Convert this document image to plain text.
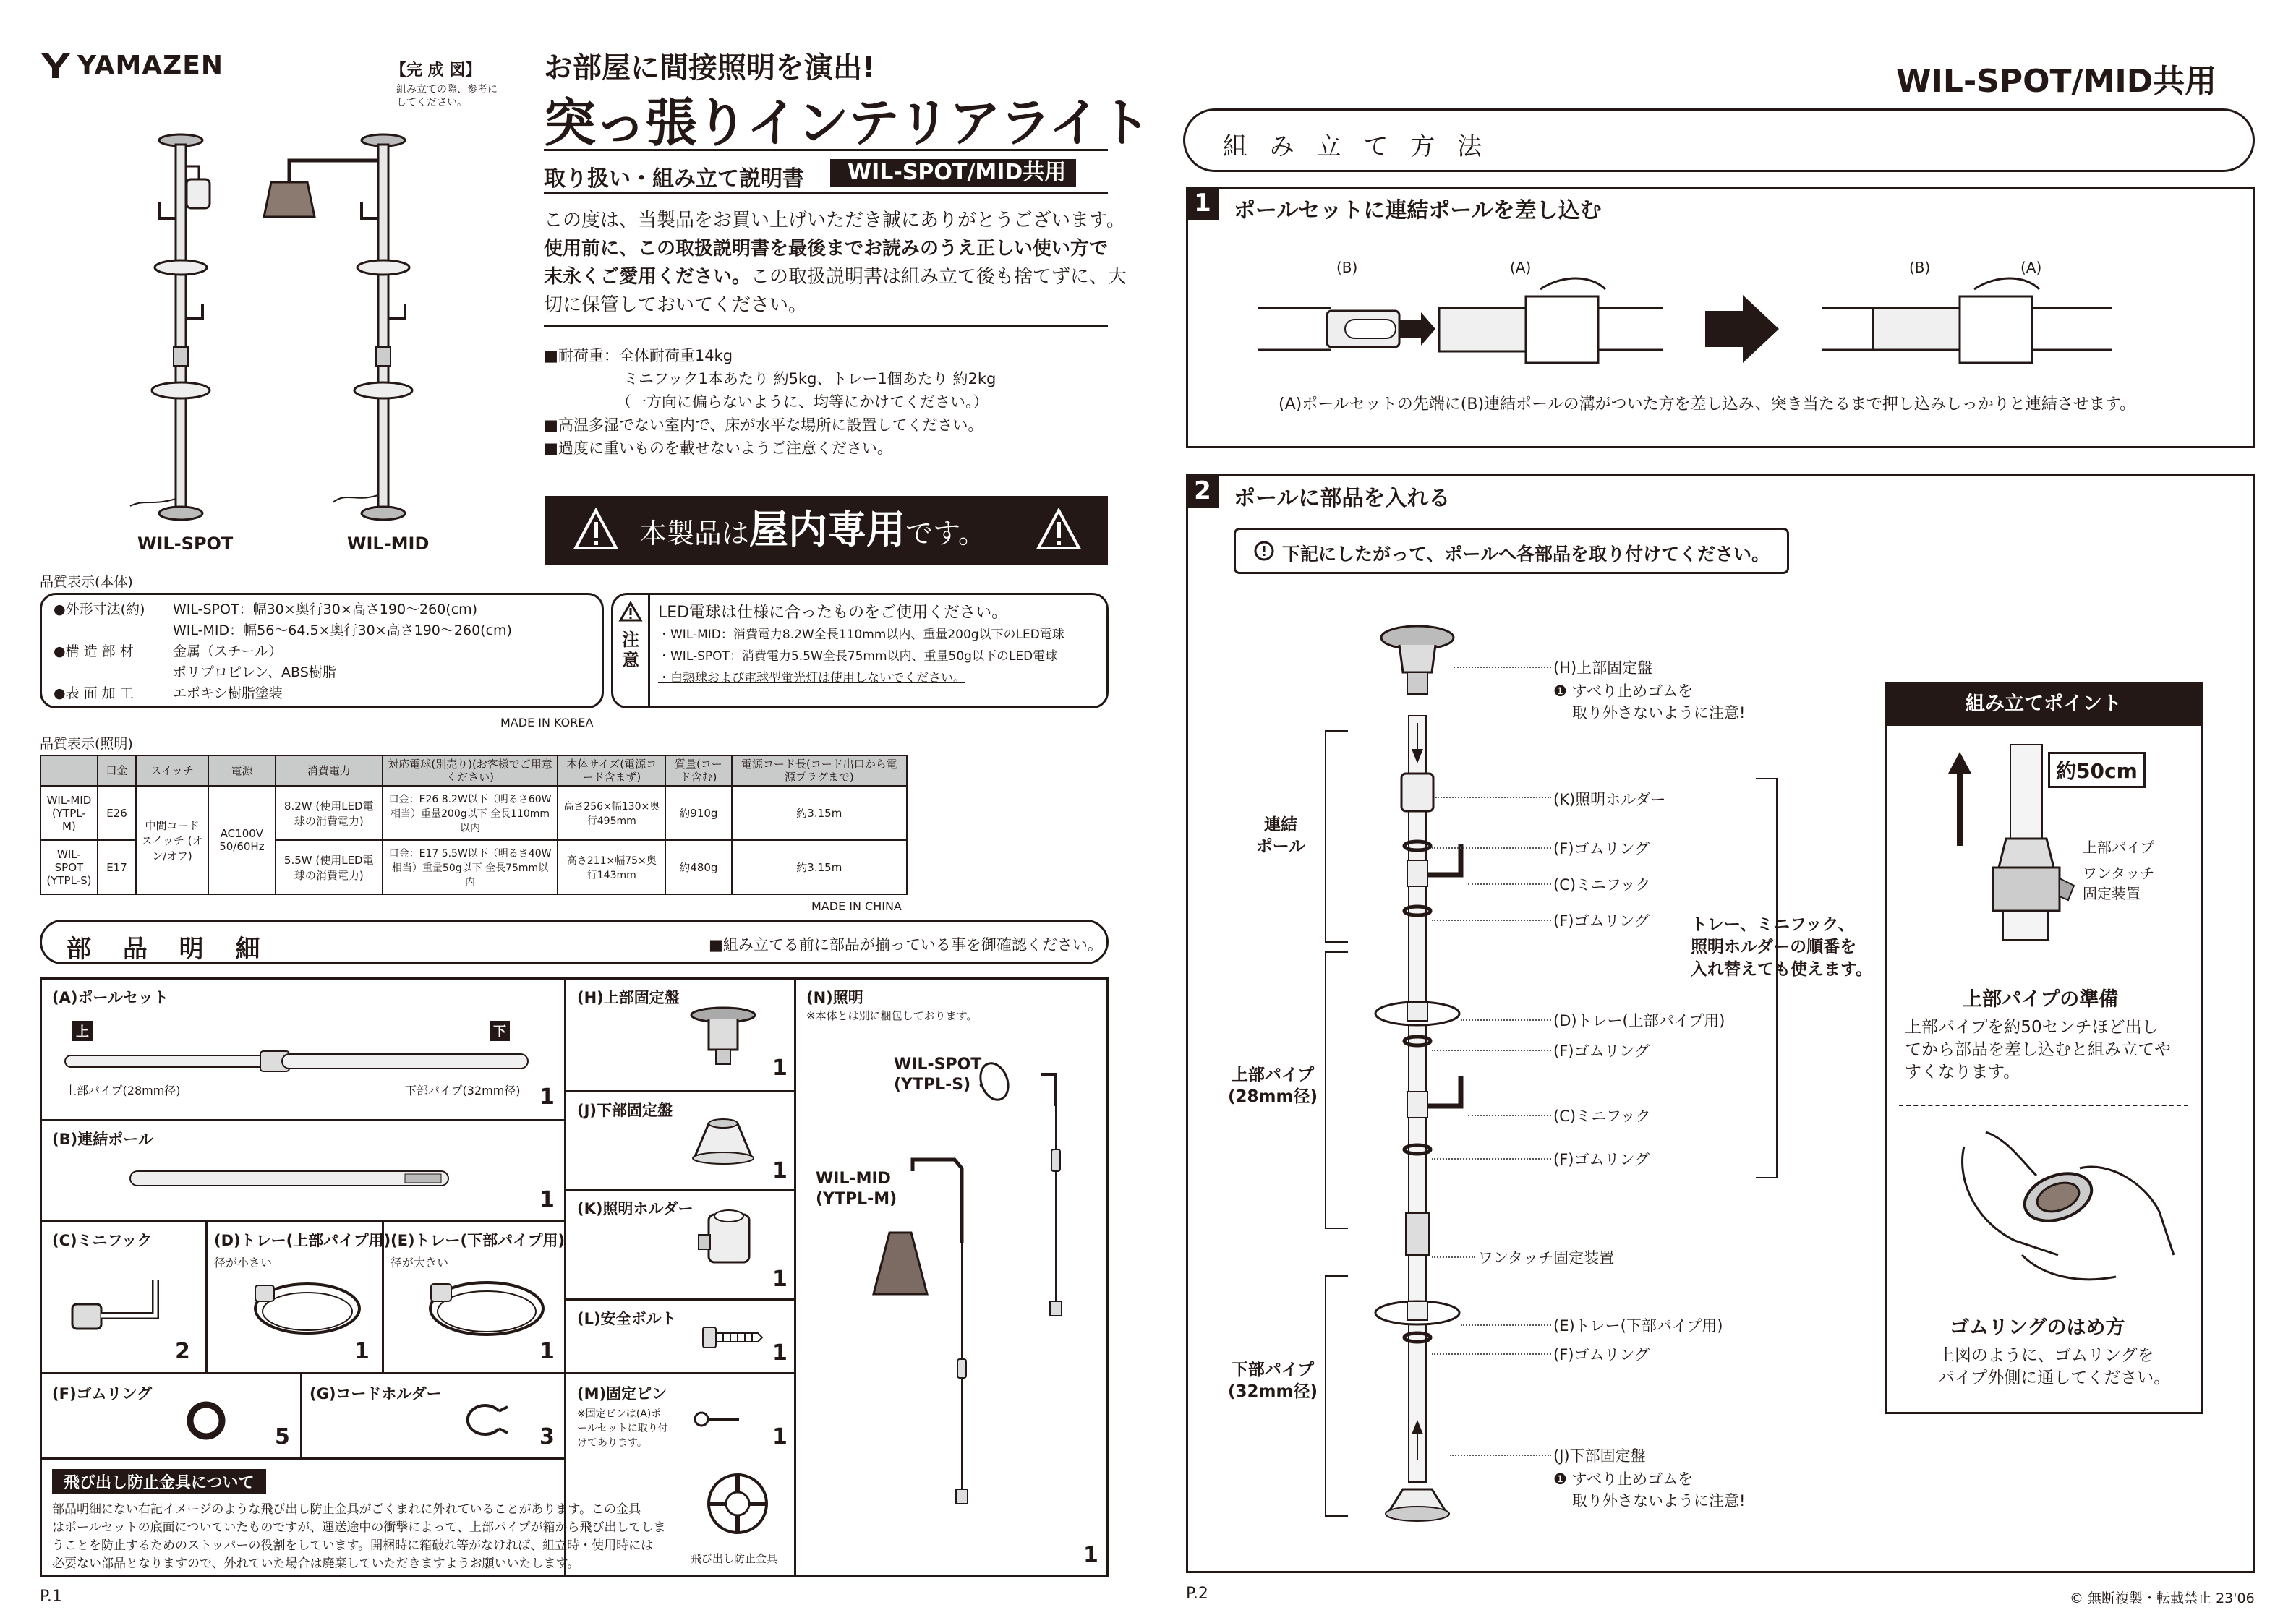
YAMAZEN	【完 成 図】
組み立ての際、参考にしてください。
WIL-SPOT	WIL-MID
お部屋に間接照明を演出!
突っ張りインテリアライト
取り扱い・組み立て説明書	WIL-SPOT/MID共用
この度は、当製品をお買い上げいただき誠にありがとうございます。
使用前に、この取扱説明書を最後までお読みのうえ正しい使い方で
末永くご愛用ください。この取扱説明書は組み立て後も捨てずに、大
切に保管しておいてください。
■耐荷重：全体耐荷重14kg
ミニフック1本あたり 約5kg、トレー1個あたり 約2kg
（一方向に偏らないように、均等にかけてください。）
■高温多湿でない室内で、床が水平な場所に設置してください。
■過度に重いものを載せないようご注意ください。
本製品は屋内専用です。
品質表示(本体)
●外形寸法(約) WIL-SPOT：幅30×奥行30×高さ190〜260(cm)
WIL-MID：幅56〜64.5×奥行30×高さ190〜260(cm)
●構 造 部 材	金属（スチール）
ポリプロピレン、ABS樹脂
●表 面 加 工	エポキシ樹脂塗装
MADE IN KOREA
注意
LED電球は仕様に合ったものをご使用ください。
・WIL-MID：消費電力8.2W全長110mm以内、重量200g以下のLED電球
・WIL-SPOT：消費電力5.5W全長75mm以内、重量50g以下のLED電球
・白熱球および電球型蛍光灯は使用しないでください。
品質表示(照明)
	口金	スイッチ	電源	消費電力	対応電球(別売り)(お客様でご用意ください)	本体サイズ(電源コード含まず)	質量(コード含む)	電源コード長(コード出口から電源プラグまで)
WIL-MID (YTPL-M)	E26	中間コード スイッチ (オン/オフ)	AC100V 50/60Hz	8.2W (使用LED電球の消費電力)	口金：E26 8.2W以下（明るさ60W相当）重量200g以下 全長110mm以内	高さ256×幅130×奥行495mm	約910g	約3.15m
WIL-SPOT (YTPL-S)	E17			5.5W (使用LED電球の消費電力)	口金：E17 5.5W以下（明るさ40W相当）重量50g以下 全長75mm以内	高さ211×幅75×奥行143mm	約480g	約3.15m
MADE IN CHINA
部 品 明 細	■組み立てる前に部品が揃っている事を御確認ください。
(A)ポールセット
上	下
上部パイプ(28mm径)	下部パイプ(32mm径) 1
(B)連結ポール
1
(C)ミニフック
2
(D)トレー(上部パイプ用)
径が小さい
1
(E)トレー(下部パイプ用)
径が大きい
1
(F)ゴムリング
5
(G)コードホルダー
3
飛び出し防止金具について
部品明細にない右記イメージのような飛び出し防止金具がごくまれに外れていることがあります。この金具
はポールセットの底面についていたものですが、運送途中の衝撃によって、上部パイプが箱から飛び出してしま
うことを防止するためのストッパーの役割をしています。開梱時に箱破れ等がなければ、組立時・使用時には
必要ない部品となりますので、外れていた場合は廃棄していただきますようお願いいたします。	飛び出し防止金具
(H)上部固定盤
1
(J)下部固定盤
1
(K)照明ホルダー
1
(L)安全ボルト
1
(M)固定ピン
※固定ピンは(A)ポールセットに取り付けてあります。	1
(N)照明
※本体とは別に梱包しております。
WIL-SPOT
(YTPL-S)
WIL-MID
(YTPL-M)
1
P.1
WIL-SPOT/MID共用
組 み 立 て 方 法
1	ポールセットに連結ポールを差し込む
(B)	(A)	(B)	(A)
(A)ポールセットの先端に(B)連結ポールの溝がついた方を差し込み、突き当たるまで押し込みしっかりと連結させます。
2	ポールに部品を入れる
下記にしたがって、ポールへ各部品を取り付けてください。
連結
ポール
上部パイプ
(28mm径)
下部パイプ
(32mm径)
(H)上部固定盤
❶ すべり止めゴムを
取り外さないように注意!
(K)照明ホルダー
(F)ゴムリング
(C)ミニフック
(F)ゴムリング
(D)トレー(上部パイプ用)
(F)ゴムリング
(C)ミニフック
(F)ゴムリング
ワンタッチ固定装置
(E)トレー(下部パイプ用)
(F)ゴムリング
(J)下部固定盤
❶ すべり止めゴムを
取り外さないように注意!
トレー、ミニフック、
照明ホルダーの順番を
入れ替えても使えます。
組み立てポイント
約50cm
上部パイプ
ワンタッチ
固定装置
上部パイプの準備
上部パイプを約50センチほど出し
てから部品を差し込むと組み立てや
すくなります。
ゴムリングのはめ方
上図のように、ゴムリングを
パイプ外側に通してください。
P.2	© 無断複製・転載禁止 23'06
